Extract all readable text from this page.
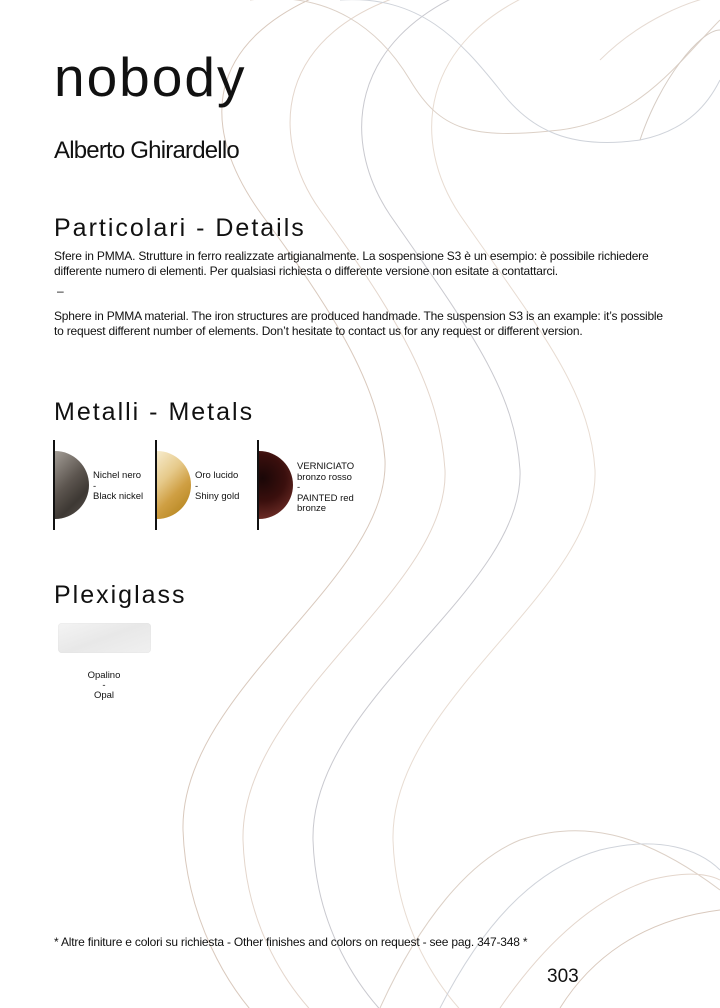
nobody
Alberto Ghirardello
Particolari - Details
Sfere in PMMA. Strutture in ferro realizzate artigianalmente. La sospensione S3 è un esempio: è possibile richiedere differente numero di elementi. Per qualsiasi richiesta o differente versione non esitate a contattarci.
–
Sphere in PMMA material. The iron structures are produced handmade. The suspension S3 is an example: it’s possible to request different number of elements. Don’t hesitate to contact us for any request or different version.
Metalli - Metals
Nichel nero
-
Black nickel
Oro lucido
-
Shiny gold
VERNICIATO bronzo rosso
-
PAINTED red bronze
Plexiglass
Opalino
-
Opal
* Altre finiture e colori su richiesta - Other finishes and colors on request - see pag. 347-348 *
303
